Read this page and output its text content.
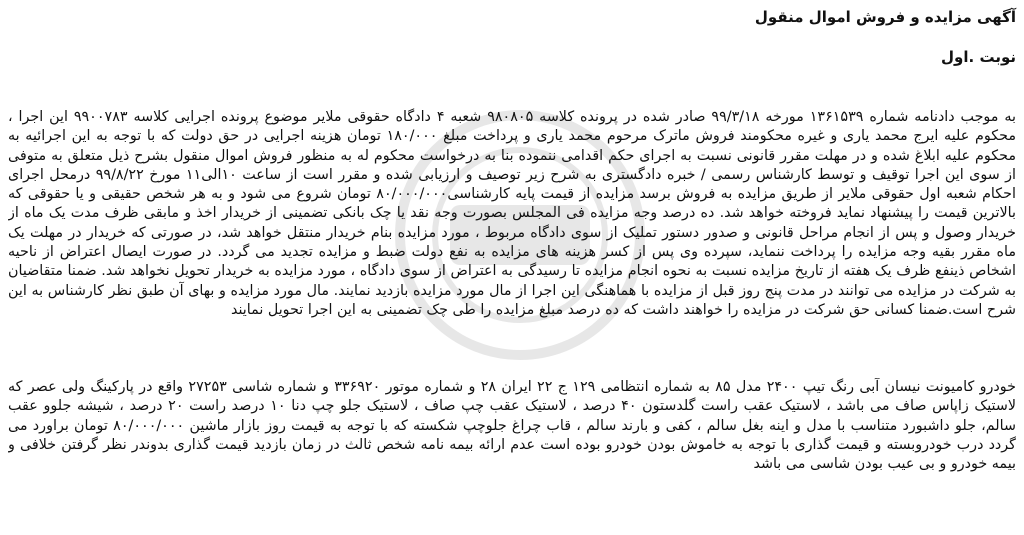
آگهی مزایده و فروش اموال منقول
نوبت .اول
به موجب دادنامه شماره ۱۳۶۱۵۳۹ مورخه ۹۹/۳/۱۸ صادر شده در پرونده کلاسه ۹۸۰۸۰۵ شعبه ۴ دادگاه حقوقی ملایر موضوع پرونده اجرایی کلاسه ۹۹۰۰۷۸۳ این اجرا ، محکوم علیه ایرج محمد یاری و غیره محکومند فروش ماترک مرحوم محمد یاری و پرداخت مبلغ ۱۸۰/۰۰۰ تومان هزینه اجرایی در حق دولت که با توجه به این اجرائیه به محکوم علیه ابلاغ شده و در مهلت مقرر قانونی نسبت به اجرای حکم اقدامی ننموده بنا به درخواست محکوم له به منظور فروش اموال منقول بشرح ذیل متعلق به متوفی از سوی این اجرا توقیف و توسط کارشناس رسمی / خبره دادگستری به شرح زیر توصیف و ارزیابی شده و مقرر است از ساعت ۱۰الی۱۱ مورخ ۹۹/۸/۲۲ درمحل اجرای احکام شعبه اول حقوقی ملایر از طریق مزایده به فروش برسد مزایده از قیمت پایه کارشناسی۸۰/۰۰۰/۰۰۰ تومان شروع می شود و به هر شخص حقیقی و یا حقوقی که بالاترین قیمت را پیشنهاد نماید فروخته خواهد شد. ده درصد وجه مزایده فی المجلس بصورت وجه نقد یا چک بانکی تضمینی از خریدار اخذ و مابقی ظرف مدت یک ماه از خریدار وصول و پس از انجام مراحل قانونی و صدور دستور تملیک از سوی دادگاه مربوط ، مورد مزایده بنام خریدار منتقل خواهد شد، در صورتی که خریدار در مهلت یک ماه مقرر بقیه وجه مزایده را پرداخت ننماید، سپرده وی پس از کسر هزینه های مزایده به نفع دولت ضبط و مزایده تجدید می گردد. در صورت ایصال اعتراض از ناحیه اشخاص ذینفع ظرف یک هفته از تاریخ مزایده نسبت به نحوه انجام مزایده تا رسیدگی به اعتراض از سوی دادگاه ، مورد مزایده به خریدار تحویل نخواهد شد. ضمنا متقاضیان به شرکت در مزایده می توانند در مدت پنج روز قبل از مزایده با هماهنگی این اجرا از مال مورد مزایده بازدید نمایند. مال مورد مزایده و بهای آن طبق نظر کارشناس به این شرح است.ضمنا کسانی حق شرکت در مزایده را خواهند داشت که ده درصد مبلغ مزایده را طی چک تضمینی به این اجرا تحویل نمایند
خودرو کامیونت نیسان آبی رنگ تیپ ۲۴۰۰ مدل ۸۵ به شماره انتظامی ۱۲۹ ج ۲۲ ایران ۲۸ و شماره موتور ۳۳۶۹۲۰ و شماره شاسی ۲۷۲۵۳ واقع در پارکینگ ولی عصر که لاستیک زاپاس صاف می باشد ، لاستیک عقب راست گلدستون ۴۰ درصد ، لاستیک عقب چپ صاف ، لاستیک جلو چپ دنا ۱۰ درصد راست ۲۰ درصد ، شیشه جلوو عقب سالم، جلو داشبورد متناسب با مدل و اینه بغل سالم ، کفی و بارند سالم ، قاب چراغ جلوچپ شکسته که با توجه به قیمت روز بازار ماشین ۸۰/۰۰۰/۰۰۰ تومان براورد می گردد درب خودروبسته و قیمت گذاری با توجه به خاموش بودن خودرو بوده است عدم ارائه بیمه نامه شخص ثالث در زمان بازدید قیمت گذاری بدوندر نظر گرفتن خلافی و بیمه خودرو و بی عیب بودن شاسی می باشد
